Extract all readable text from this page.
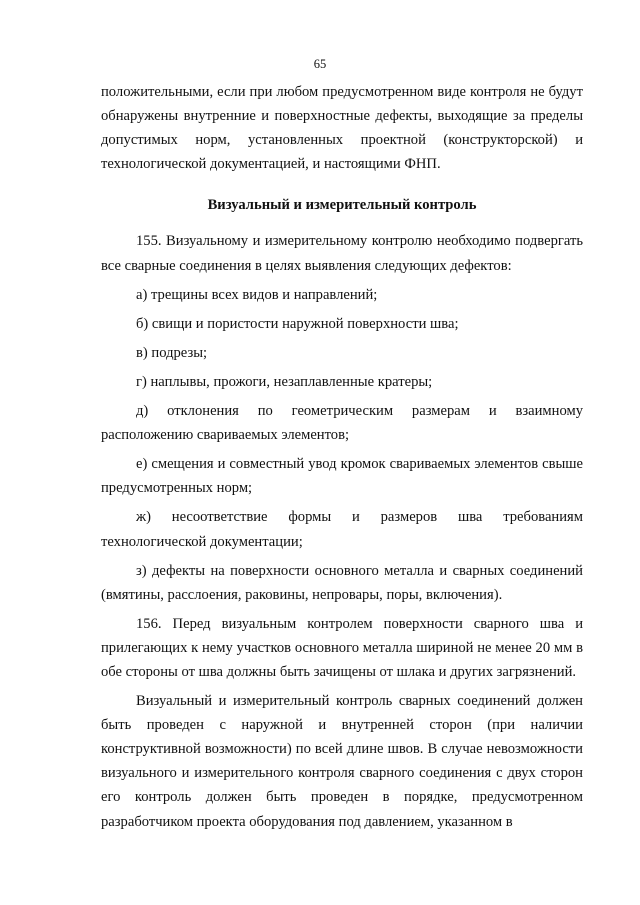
65

положительными, если при любом предусмотренном виде контроля не будут обнаружены внутренние и поверхностные дефекты, выходящие за пределы допустимых норм, установленных проектной (конструкторской) и технологической документацией, и настоящими ФНП.

Визуальный и измерительный контроль

155. Визуальному и измерительному контролю необходимо подвергать все сварные соединения в целях выявления следующих дефектов:

а) трещины всех видов и направлений;

б) свищи и пористости наружной поверхности шва;

в) подрезы;

г) наплывы, прожоги, незаплавленные кратеры;

д) отклонения по геометрическим размерам и взаимному расположению свариваемых элементов;

е) смещения и совместный увод кромок свариваемых элементов свыше предусмотренных норм;

ж) несоответствие формы и размеров шва требованиям технологической документации;

з) дефекты на поверхности основного металла и сварных соединений (вмятины, расслоения, раковины, непровары, поры, включения).

156. Перед визуальным контролем поверхности сварного шва и прилегающих к нему участков основного металла шириной не менее 20 мм в обе стороны от шва должны быть зачищены от шлака и других загрязнений.

Визуальный и измерительный контроль сварных соединений должен быть проведен с наружной и внутренней сторон (при наличии конструктивной возможности) по всей длине швов. В случае невозможности визуального и измерительного контроля сварного соединения с двух сторон его контроль должен быть проведен в порядке, предусмотренном разработчиком проекта оборудования под давлением, указанном в
